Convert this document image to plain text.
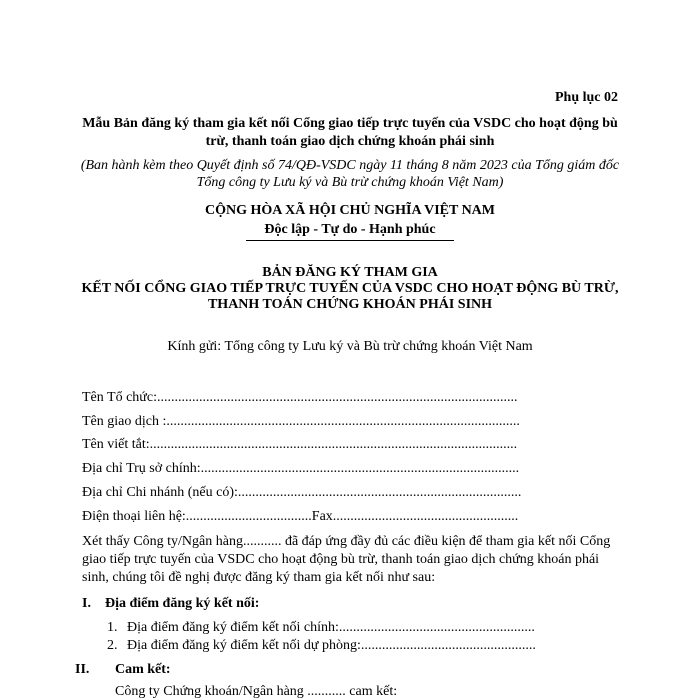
Phụ lục 02
Mẫu Bản đăng ký tham gia kết nối Cổng giao tiếp trực tuyến của VSDC cho hoạt động bù
trừ, thanh toán giao dịch chứng khoán phái sinh
(Ban hành kèm theo Quyết định số 74/QĐ-VSDC ngày 11 tháng 8 năm 2023 của Tổng giám đốc
Tổng công ty Lưu ký và Bù trừ chứng khoán Việt Nam)
CỘNG HÒA XÃ HỘI CHỦ NGHĨA VIỆT NAM
Độc lập - Tự do - Hạnh phúc
BẢN ĐĂNG KÝ THAM GIA
KẾT NỐI CỔNG GIAO TIẾP TRỰC TUYẾN CỦA VSDC CHO HOẠT ĐỘNG BÙ TRỪ,
THANH TOÁN CHỨNG KHOÁN PHÁI SINH
Kính gửi: Tổng công ty Lưu ký và Bù trừ chứng khoán Việt Nam
Tên Tổ chức:.......................................................................................................
Tên giao dịch :.....................................................................................................
Tên viết tắt:.........................................................................................................
Địa chỉ Trụ sở chính:...........................................................................................
Địa chỉ Chi nhánh (nếu có):.................................................................................
Điện thoại liên hệ:....................................Fax.....................................................
Xét thấy Công ty/Ngân hàng........... đã đáp ứng đầy đủ các điều kiện để tham gia kết nối Cổng giao tiếp trực tuyến của VSDC cho hoạt động bù trừ, thanh toán giao dịch chứng khoán phái sinh, chúng tôi đề nghị được đăng ký tham gia kết nối như sau:
I. Địa điểm đăng ký kết nối:
1. Địa điểm đăng ký điểm kết nối chính:........................................................
2. Địa điểm đăng ký điểm kết nối dự phòng:..................................................
II. Cam kết:
Công ty Chứng khoán/Ngân hàng ........... cam kết:
